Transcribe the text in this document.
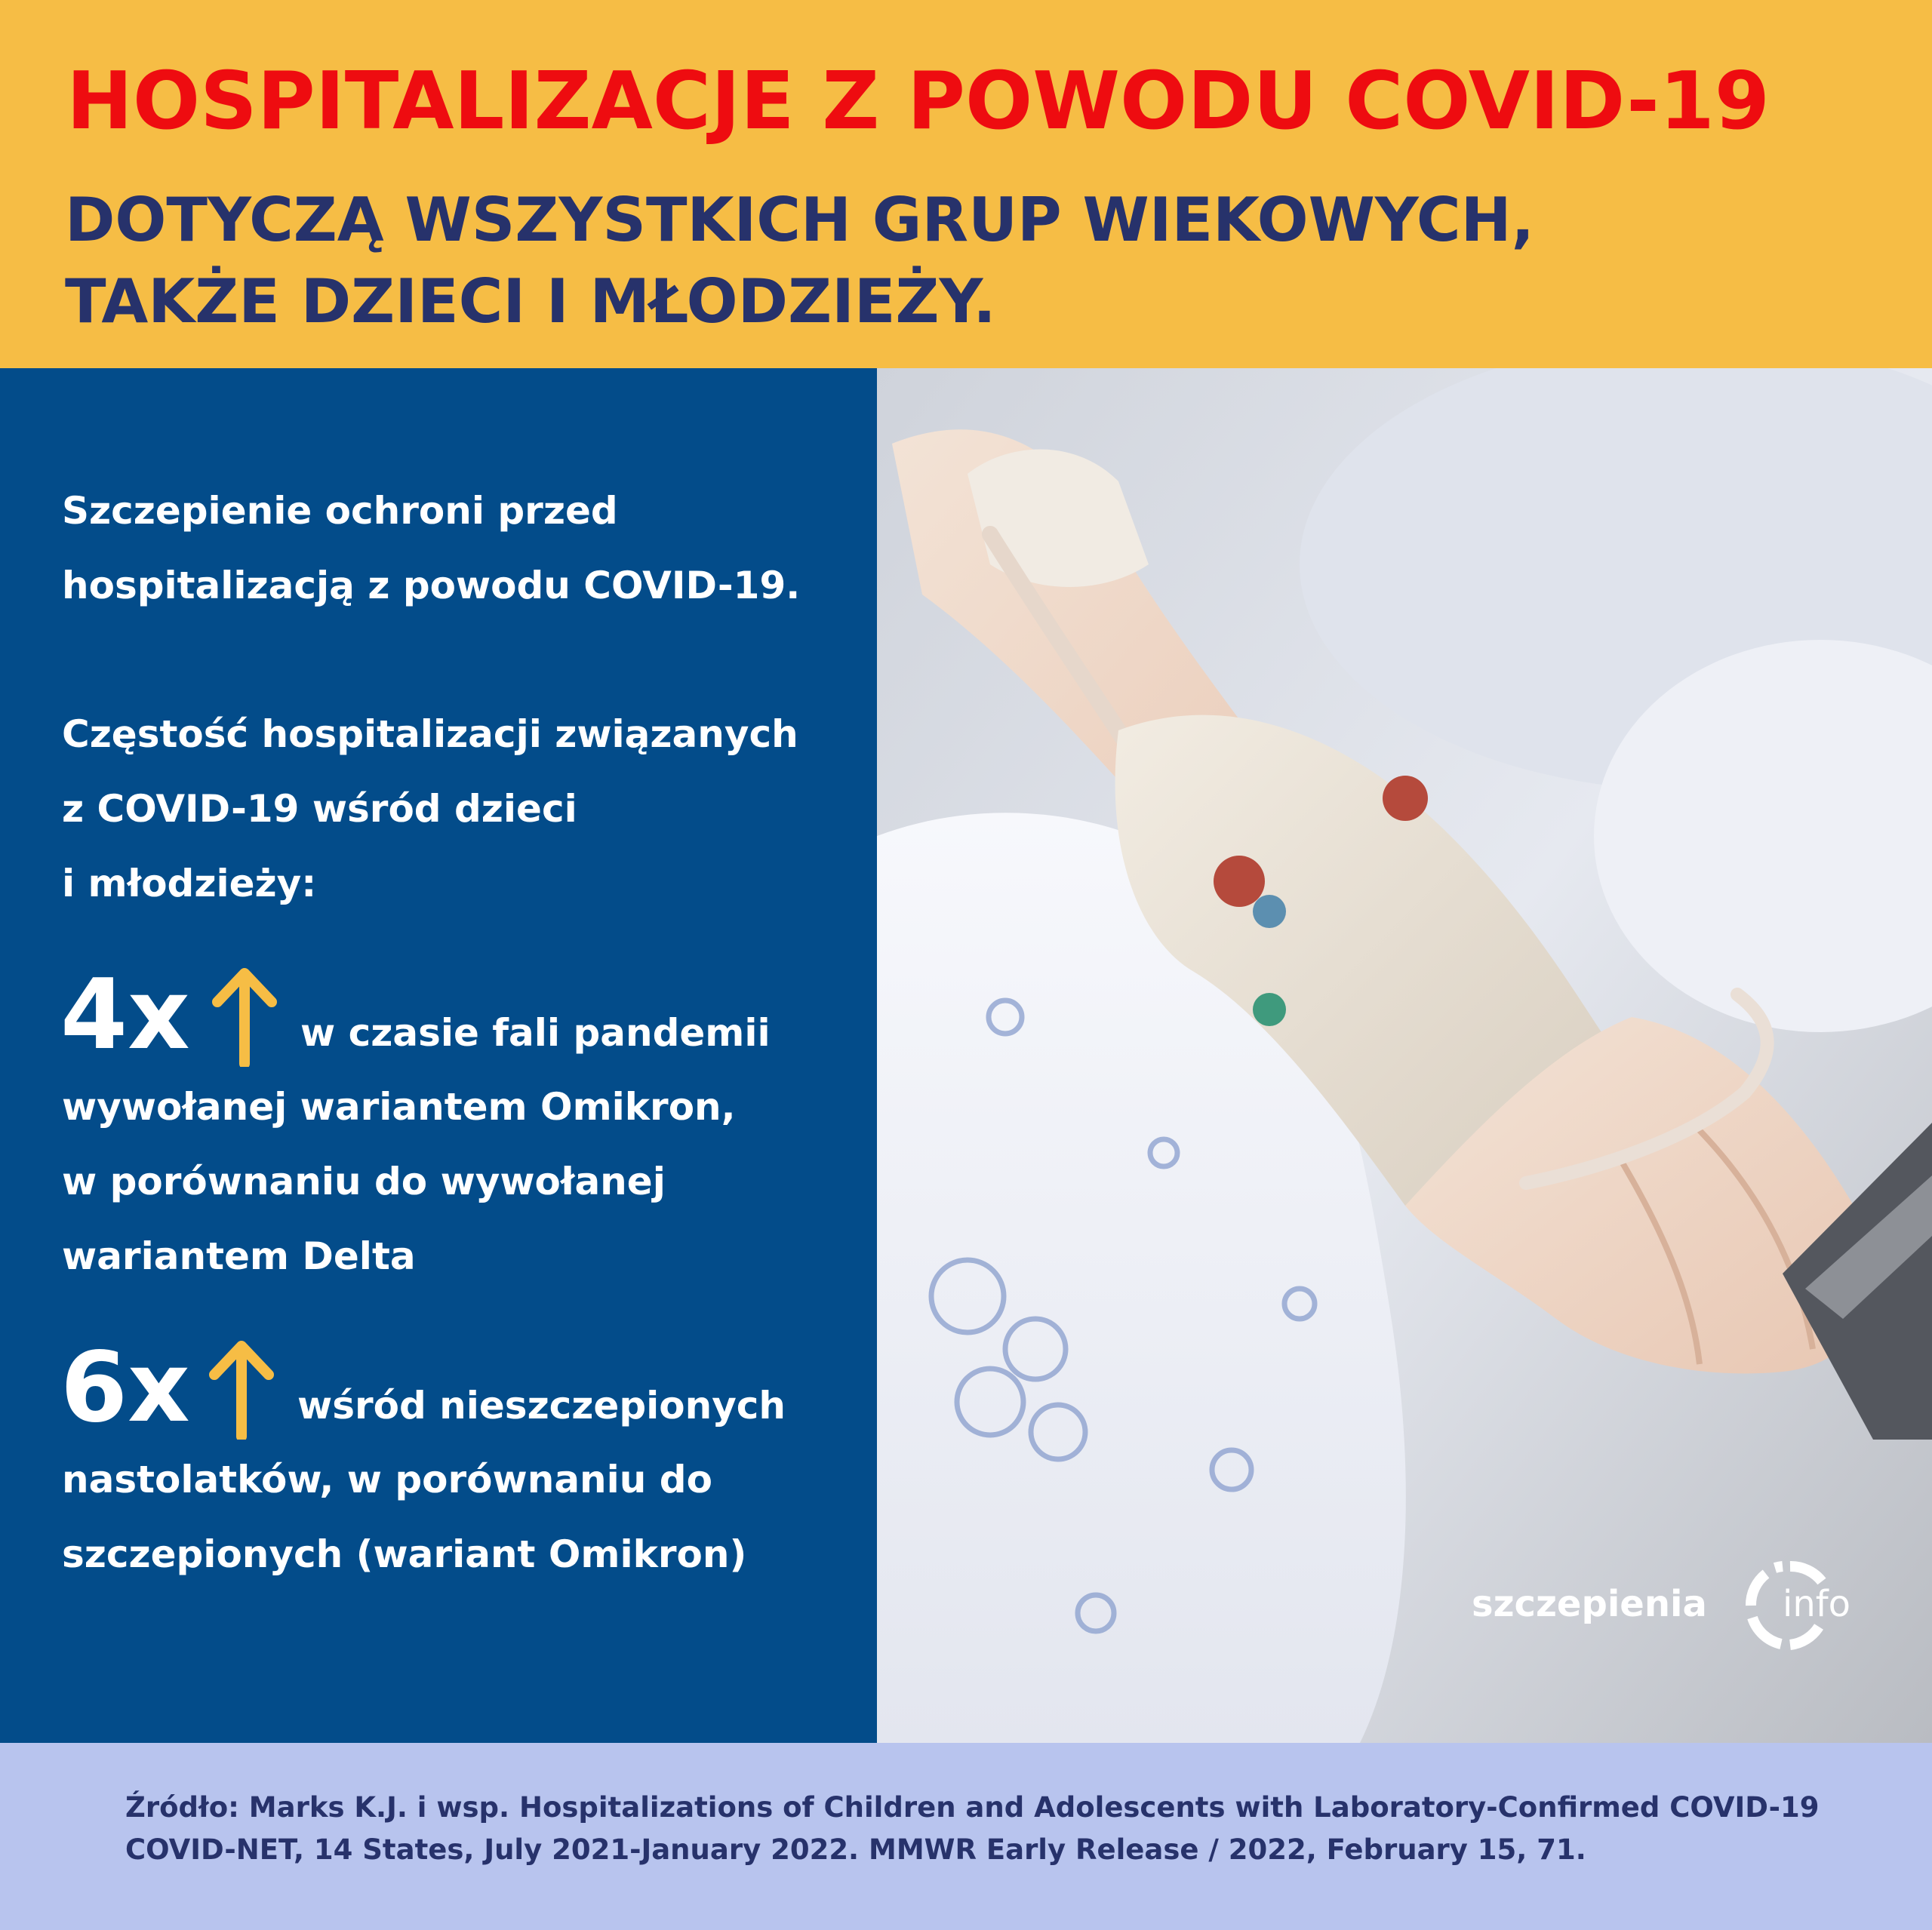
HOSPITALIZACJE Z POWODU COVID-19
DOTYCZĄ WSZYSTKICH GRUP WIEKOWYCH,
TAKŻE DZIECI I MŁODZIEŻY.

Szczepienie ochroni przed
hospitalizacją z powodu COVID-19.

Częstość hospitalizacji związanych
z COVID-19 wśród dzieci
i młodzieży:

4x	w czasie fali pandemii

wywołanej wariantem Omikron,
w porównaniu do wywołanej
wariantem Delta

6x	wśród nieszczepionych

nastolatków, w porównaniu do
szczepionych (wariant Omikron)

szczepienia info

Źródło: Marks K.J. i wsp. Hospitalizations of Children and Adolescents with Laboratory-Confirmed COVID-19
COVID-NET, 14 States, July 2021-January 2022. MMWR Early Release / 2022, February 15, 71.
